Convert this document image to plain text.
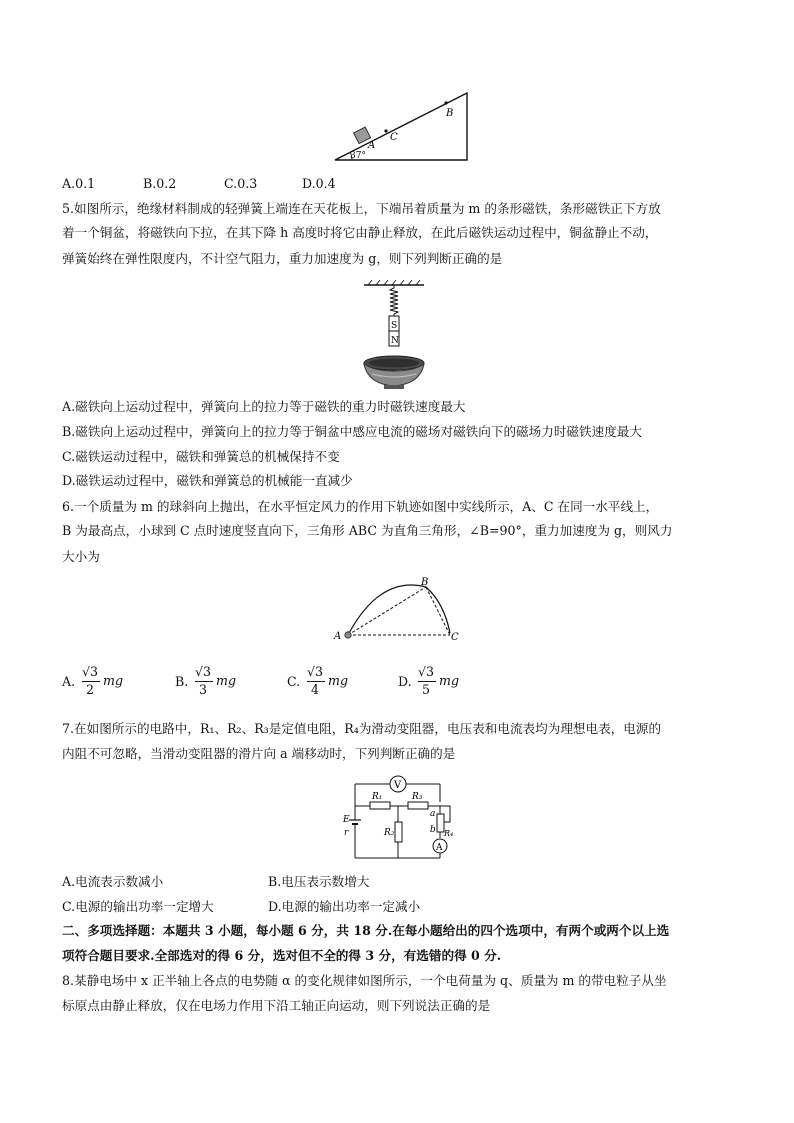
B
C
A
37°
A.0.1	B.0.2	C.0.3	D.0.4
5.如图所示，绝缘材料制成的轻弹簧上端连在天花板上，下端吊着质量为 m 的条形磁铁，条形磁铁正下方放
着一个铜盆，将磁铁向下拉，在其下降 h 高度时将它由静止释放，在此后磁铁运动过程中，铜盆静止不动，
弹簧始终在弹性限度内，不计空气阻力，重力加速度为 g，则下列判断正确的是
S
N
A.磁铁向上运动过程中，弹簧向上的拉力等于磁铁的重力时磁铁速度最大
B.磁铁向上运动过程中，弹簧向上的拉力等于铜盆中感应电流的磁场对磁铁向下的磁场力时磁铁速度最大
C.磁铁运动过程中，磁铁和弹簧总的机械保持不变
D.磁铁运动过程中，磁铁和弹簧总的机械能一直减少
6.一个质量为 m 的球斜向上抛出，在水平恒定风力的作用下轨迹如图中实线所示，A、C 在同一水平线上，
B 为最高点，小球到 C 点时速度竖直向下，三角形 ABC 为直角三角形，∠B=90°，重力加速度为 g，则风力
大小为
A
B
C
A.
√3
2
mg	B.
√3
3
mg	C.
√3
4
mg	D.
√3
5
mg
7.在如图所示的电路中，R₁、R₂、R₃是定值电阻，R₄为滑动变阻器，电压表和电流表均为理想电表，电源的
内阻不可忽略，当滑动变阻器的滑片向 a 端移动时，下列判断正确的是
V
R₁	R₃
R₂
a
b R₄
A
E
r
A.电流表示数减小	B.电压表示数增大
C.电源的输出功率一定增大	D.电源的输出功率一定减小
二、多项选择题：本题共 3 小题，每小题 6 分，共 18 分.在每小题给出的四个选项中，有两个或两个以上选
项符合题目要求.全部选对的得 6 分，选对但不全的得 3 分，有选错的得 0 分.
8.某静电场中 x 正半轴上各点的电势随 α 的变化规律如图所示，一个电荷量为 q、质量为 m 的带电粒子从坐
标原点由静止释放，仅在电场力作用下沿工轴正向运动，则下列说法正确的是
